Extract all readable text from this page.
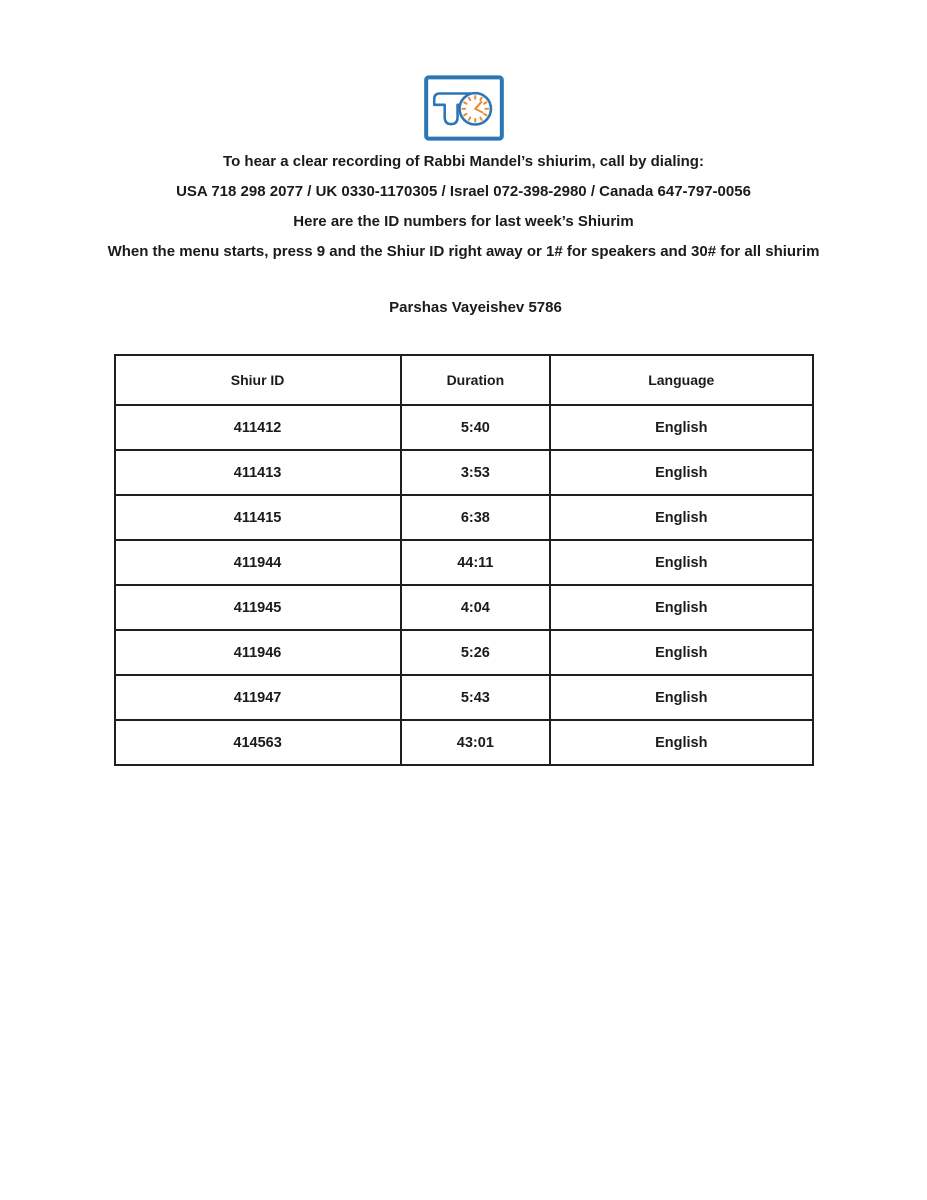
To hear a clear recording of Rabbi Mandel’s shiurim, call by dialing:

USA 718 298 2077 / UK 0330-1170305 / Israel 072-398-2980 / Canada 647-797-0056

Here are the ID numbers for last week’s Shiurim

When the menu starts, press 9 and the Shiur ID right away or 1# for speakers and 30# for all shiurim

Parshas Vayeishev 5786

Shiur ID	Duration	Language
411412	5:40	English
411413	3:53	English
411415	6:38	English
411944	44:11	English
411945	4:04	English
411946	5:26	English
411947	5:43	English
414563	43:01	English
